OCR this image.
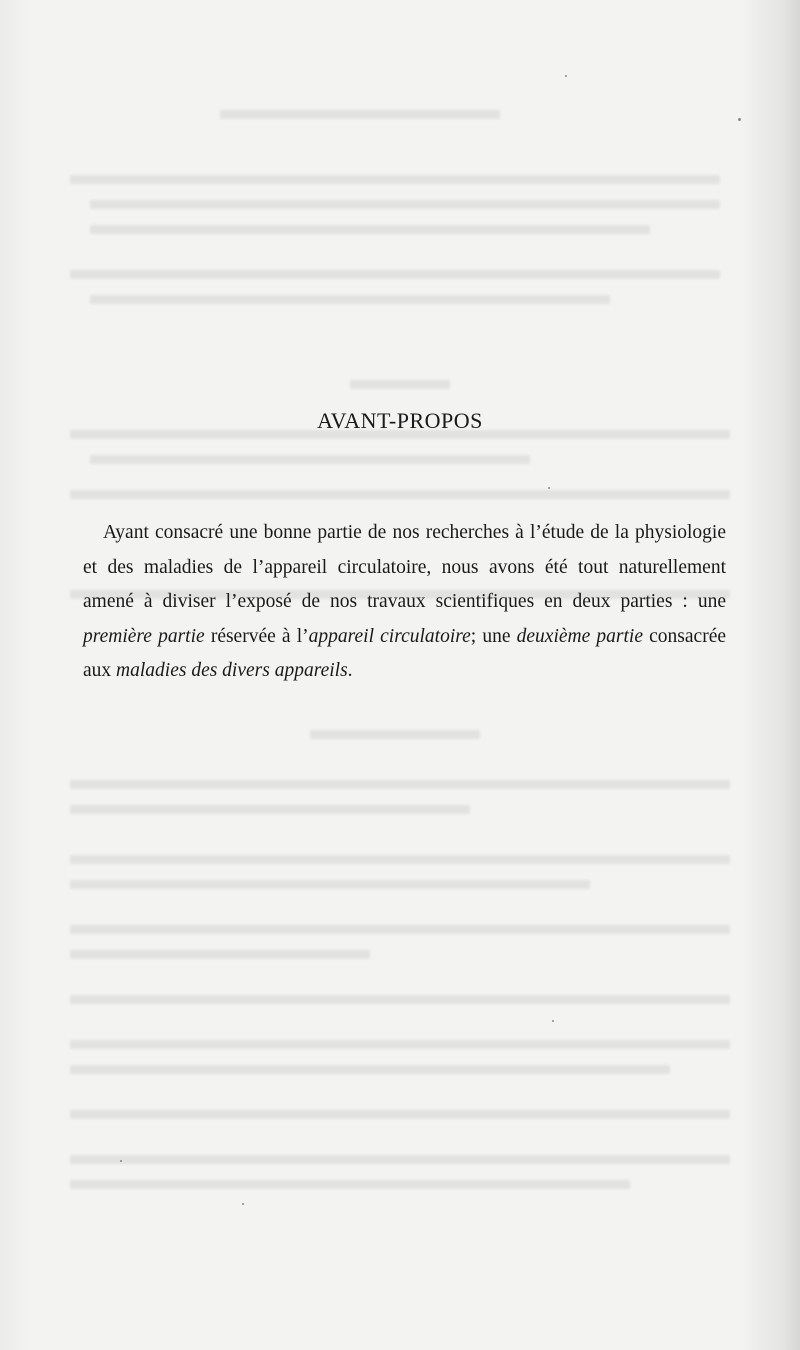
AVANT-PROPOS

Ayant consacré une bonne partie de nos recherches à l’étude de la physiologie et des maladies de l’appareil circulatoire, nous avons été tout naturellement amené à diviser l’exposé de nos travaux scientifiques en deux parties : une première partie réservée à l’appareil circulatoire; une deuxième partie consacrée aux maladies des divers appareils.
